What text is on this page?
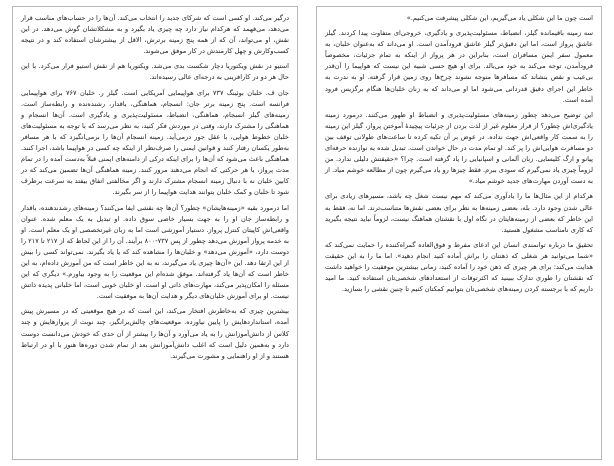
است چون ما این شکلی یاد می‌گیریم، این شکلی پیشرفت می‌کنیم.»

سه زمینه باقیمانده گیلز، انضباط، مسئولیت‌پذیری و یادگیری، خروجی‌ای متفاوت پیدا کردند. گیلز عاشق پرواز است، اما این دقیق‌تر گیلز عاشق فرودآمدن است. او می‌داند که به‌عنوان خلبان، به معمول سفر ایمن مسافران است، بنابراین در هر پرواز از اینکه به تمام جزئیات، مخصوصاً فرودآمدن، توجه می‌کند به خود می‌بالد. برای او هیچ حسی شبیه این نیست که هواپیما را آن‌قدر بی‌عیب و نقص بنشاند که مسافرها متوجه نشوند چرخ‌ها روی زمین قرار گرفته. او به ندرت به خاطر این اجرای دقیق قدردانی می‌شود اما او می‌داند که به زنان خلبان‌ها هنگام برگزیس فرود آمده است.

این توضیح می‌دهد چطور زمینه‌های مسئولیت‌پذیری و انضباط او ظهور می‌کنند. درمورد زمینه یادگیری‌اش چطور؟ از قرار معلوم غیر از لذت بردن از جزئیات پیچیدهٔ آموختن پرواز، گیلز این زمینه را به سمت کار واقعی‌اش جهت نداده. در عوض بر آن تکیه کرده تا ساعت‌های طولانی توقف بین دو مسافرت هوایی‌اش را پر کند. او تمام مدت در حال خواندن است. تبدیل شده به نوازنده حرفه‌ای پیانو و ارگ کلیسایی. زبان آلمانی و اسپانیایی را یاد گرفته است. چرا؟ «حقیقتش دلیلی ندارد. من لزوماً چیزی یاد نمی‌گیرم که سودی ببرم. فقط چیزها رو یاد می‌گیرم چون از مطالعه خوشم میاد. از به دست آوردن مهارت‌های جدید خوشم میاد.»

هرکدام از این مثال‌ها ما را یادآوری می‌کند که مهم نیست شغل چه باشد، مسیرهای زیادی برای عالی شدن وجود دارد. بله، بعضی زمینه‌ها به نظر برای بعضی نقش‌ها متناسب‌ترند. اما نه، فقط به این خاطر که بعضی از زمینه‌هایتان در نگاه اول با نقشتان هماهنگ نیست، لزوماً نباید نتیجه بگیرید که کاری نامناسب مشغول هستید.

تحقیق ما درباره توانمندی انسان این ادعای مفرط و فوق‌العاده گمراه‌کننده را حمایت نمی‌کند که «شما می‌توانید هر شغلی که ذهنتان را براش آماده کنید انجام دهید». اما ما را به این حقیقت هدایت می‌کند: برای هر چیزی که ذهن خود را آماده کنید، زمانی بیشترین موفقیت را خواهید داشت که نقشتان را طوری تدارک ببینید که اکثرتوفات از استعدادهای شخصی‌تان استفاده کنید. ما امید داریم که با برجسته کردن زمینه‌های شخصی‌تان بتوانیم کمکتان کنیم تا چنین نقشی را بسازید.

درگیر می‌کند. او کسی است که شرکای جدید را انتخاب می‌کند. آن‌ها را در حساب‌های مناسب قرار می‌دهد، می‌فهمد که هرکدام نیاز دارد چه چیزی یاد بگیرد و به مشکلاتشان گوش می‌دهد. در این نقش، او می‌تواند، آن که از همه پنج زمینه برترش، الاقل از بیشترشان استفاده کند و در نتیجه کسب‌وکارش و چهل کارمندش در کار موفق می‌شوند.

استیو در نقش ویکتوریا دچار شکست بدی می‌شد. ویکتوریا هم از نقش استیو فرار می‌کرد. با این حال هر دو در کارافرینی به درجه‌ای عالی رسیده‌اند.

جان ف. خلبان بوئینگ ۷۳۷ برای هواپیمایی آمریکایی است. گیلز ر. خلبان ۷۶۷ برای هواپیمایی فرانسه است. پنج زمینه برتر جان: انسجام، هماهنگی، باقدار، رشنده‌نده و رابطه‌ساز است. زمینه‌های گیلز انسجام، هماهنگی، انضباط، مسئولیت‌پذیری و یادگیری است. آن‌ها انسجام و هماهنگی را مشترک دارند، وقتی در موردش فکر کنید، به نظر می‌رسد که با توجه به مسئولیت‌های خلبان خطوط هوایی، با عقل جور درمی‌آید. زمینه انسجام آن‌ها را برمی‌انگیزد که با هر مسافر به‌طور یکسان رفتار کنند و قوانین ایمنی را صرف‌نظر از اینکه چه کسی در هواپیما باشد، اجرا کنند. هماهنگی باعث می‌شود که آن‌ها را برای اینکه درکی از دامنه‌های ایمنی قبلاً به‌دست آمده را در تمام مدت پرواز، با هر حرکتی که انجام می‌دهند مرور کنند. زمینه هماهنگی آن‌ها تضمین می‌کند که در کابین خلبان نه با دنبال زمینه انسجام مشترک دارند و اگر مخالفتی اتفاق بیفتد به سرعت برطرف شود تا خلبان و کمک خلبان بتوانند هدایت هواپیما را از سر بگیرند.

اما درمورد بقیه «زمینه‌هایشان» چطور؟ آن‌ها چه نقشی ایفا می‌کنند؟ زمینه‌های رشدندهنده، باقدار و رابطه‌ساز جان او را به جهت بسیار خاصی سوق داده. او تبدیل به یک معلم شده. عنوان واقعی‌اش کاپیتان کنترل پرواز. دستیار آموزشی است اما به زبان غیرتخصصی او یک معلم است. او به خدمه پرواز آموزش می‌دهد چطور از پس ۷۳۷-۸۰۰ برآیند. آن را از این لحاظ که از ۲۱۷ تا ۲۱۷ را دوست دارد، «آموزش می‌دهد» و خلبان‌ها را مشاهده کند که یا یاد بگیرند. نمی‌تواند کسی را بیش از این ارتقا دهد. این «آن‌ها چیزی یاد می‌گیرند، نه به این خاطر است که من آموزش داده‌ام، به این خاطر است که آن‌ها یاد گرفته‌اند. موفق شده‌ام این موقعیت را به وجود بیاورم.» دیگری که این مسئله را امکان‌پذیر می‌کند، مهارت‌های ذاتی او است. او خلبان خوبی است، اما خلبانی پدیده ذاتش نیست. او برای آموزش خلبان‌های دیگر و هدایت آن‌ها به موفقیت است.

بیشترین چیزی که به‌خاطرش افتخار می‌کند، این است که در هیچ موقعیتی که در مسیرش پیش آمده، استانداردهایش را پایین نیاورده. موقعیت‌های چالش‌برانگیز، چند نوبت از پروازهایش و چند کلاس از دانش‌آموزانش را به یاد می‌آورد و آن‌ها را بیشتر از آن حدی که خودش می‌دانست دوست دارد و به‌همین دلیل است که اغلب دانش‌آموزانش بعد از تمام شدن دوره‌ها هنوز با او در ارتباط هستند و از او راهنمایی و مشورت می‌گیرند.
